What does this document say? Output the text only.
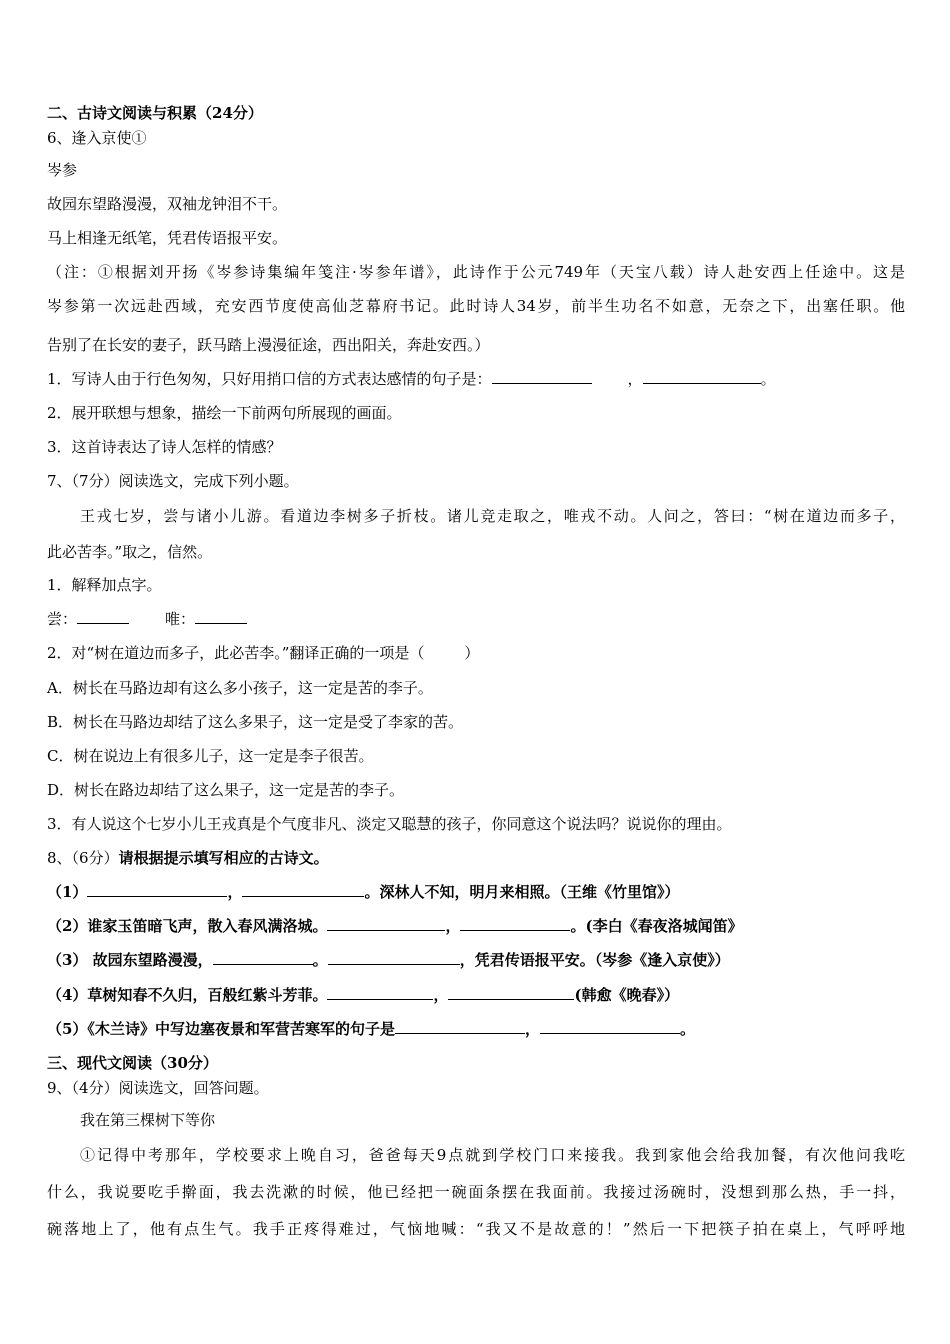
二、古诗文阅读与积累（24分）
6、逢入京使①
岑参
故园东望路漫漫，双袖龙钟泪不干。
马上相逢无纸笔，凭君传语报平安。
（注：①根据刘开扬《岑参诗集编年笺注·岑参年谱》，此诗作于公元749年（天宝八载）诗人赴安西上任途中。这是
岑参第一次远赴西域，充安西节度使高仙芝幕府书记。此时诗人34岁，前半生功名不如意，无奈之下，出塞任职。他
告别了在长安的妻子，跃马踏上漫漫征途，西出阳关，奔赴安西。）
1．写诗人由于行色匆匆，只好用捎口信的方式表达感情的句子是：	，	。
2．展开联想与想象，描绘一下前两句所展现的画面。
3．这首诗表达了诗人怎样的情感？
7、（7分）阅读选文，完成下列小题。
王戎七岁，尝与诸小儿游。看道边李树多子折枝。诸儿竞走取之，唯戎不动。人问之，答曰：“树在道边而多子，
此必苦李。”取之，信然。
1．解释加点字。
尝：	唯：
2．对“树在道边而多子，此必苦李。”翻译正确的一项是（	）
A．树长在马路边却有这么多小孩子，这一定是苦的李子。
B．树长在马路边却结了这么多果子，这一定是受了李家的苦。
C．树在说边上有很多儿子，这一定是李子很苦。
D．树长在路边却结了这么果子，这一定是苦的李子。
3．有人说这个七岁小儿王戎真是个气度非凡、淡定又聪慧的孩子，你同意这个说法吗？说说你的理由。
8、（6分）请根据提示填写相应的古诗文。
（1）	，	。深林人不知，明月来相照。（王维《竹里馆》）
（2）谁家玉笛暗飞声，散入春风满洛城。	，	。(李白《春夜洛城闻笛》
（3） 故园东望路漫漫，	。	，凭君传语报平安。（岑参《逢入京使》）
（4）草树知春不久归，百般红紫斗芳菲。	，	(韩愈《晚春》）
（5）《木兰诗》中写边塞夜景和军营苦寒军的句子是	，	。
三、现代文阅读（30分）
9、（4分）阅读选文，回答问题。
我在第三棵树下等你
①记得中考那年，学校要求上晚自习，爸爸每天9点就到学校门口来接我。我到家他会给我加餐，有次他问我吃
什么，我说要吃手擀面，我去洗漱的时候，他已经把一碗面条摆在我面前。我接过汤碗时，没想到那么热，手一抖，
碗落地上了，他有点生气。我手正疼得难过，气恼地喊：“我又不是故意的！”然后一下把筷子拍在桌上，气呼呼地
